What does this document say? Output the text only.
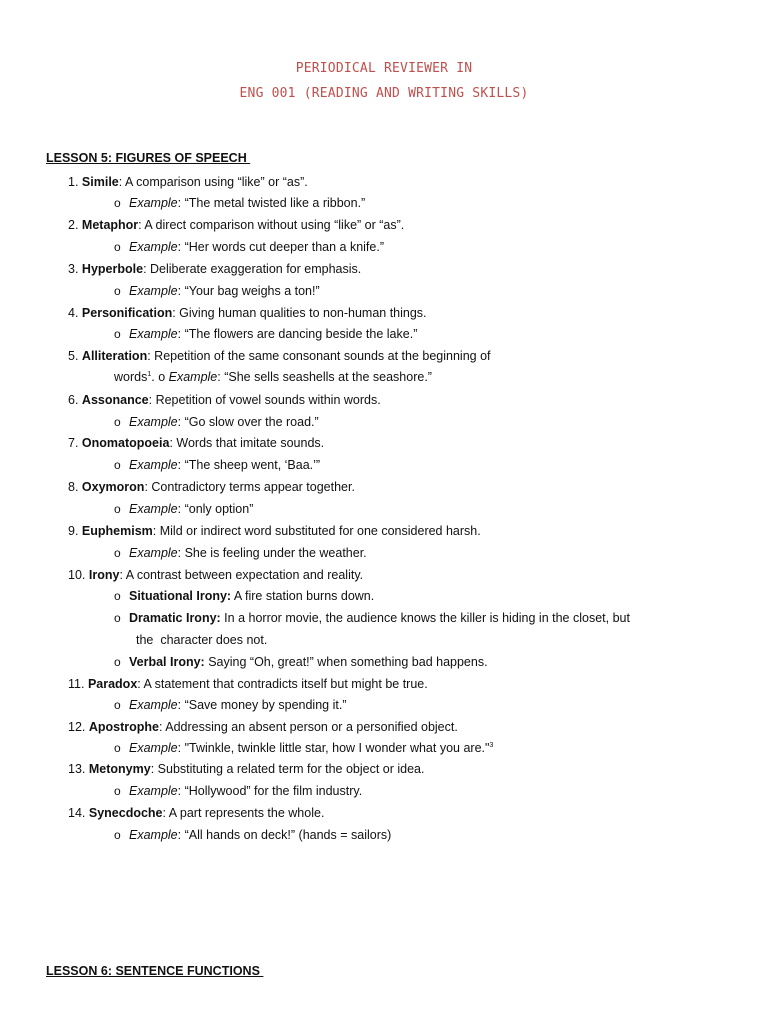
PERIODICAL REVIEWER IN
ENG 001 (READING AND WRITING SKILLS)
LESSON 5: FIGURES OF SPEECH
1. Simile: A comparison using “like” or “as”.
o Example: “The metal twisted like a ribbon.”
2. Metaphor: A direct comparison without using “like” or “as”.
o Example: “Her words cut deeper than a knife.”
3. Hyperbole: Deliberate exaggeration for emphasis.
o Example: “Your bag weighs a ton!”
4. Personification: Giving human qualities to non-human things.
o Example: “The flowers are dancing beside the lake.”
5. Alliteration: Repetition of the same consonant sounds at the beginning of
words$^1$. o Example: “She sells seashells at the seashore.”
6. Assonance: Repetition of vowel sounds within words.
o Example: “Go slow over the road.”
7. Onomatopoeia: Words that imitate sounds.
o Example: “The sheep went, ‘Baa.’”
8. Oxymoron: Contradictory terms appear together.
o Example: “only option”
9. Euphemism: Mild or indirect word substituted for one considered harsh.
o Example: She is feeling under the weather.
10. Irony: A contrast between expectation and reality.
o Situational Irony: A fire station burns down.
o Dramatic Irony: In a horror movie, the audience knows the killer is hiding in the closet, but
the  character does not.
o Verbal Irony: Saying “Oh, great!” when something bad happens.
11. Paradox: A statement that contradicts itself but might be true.
o Example: “Save money by spending it.”
12. Apostrophe: Addressing an absent person or a personified object.
o Example: "Twinkle, twinkle little star, how I wonder what you are."$^3$
13. Metonymy: Substituting a related term for the object or idea.
o Example: “Hollywood” for the film industry.
14. Synecdoche: A part represents the whole.
o Example: “All hands on deck!” (hands = sailors)
LESSON 6: SENTENCE FUNCTIONS
